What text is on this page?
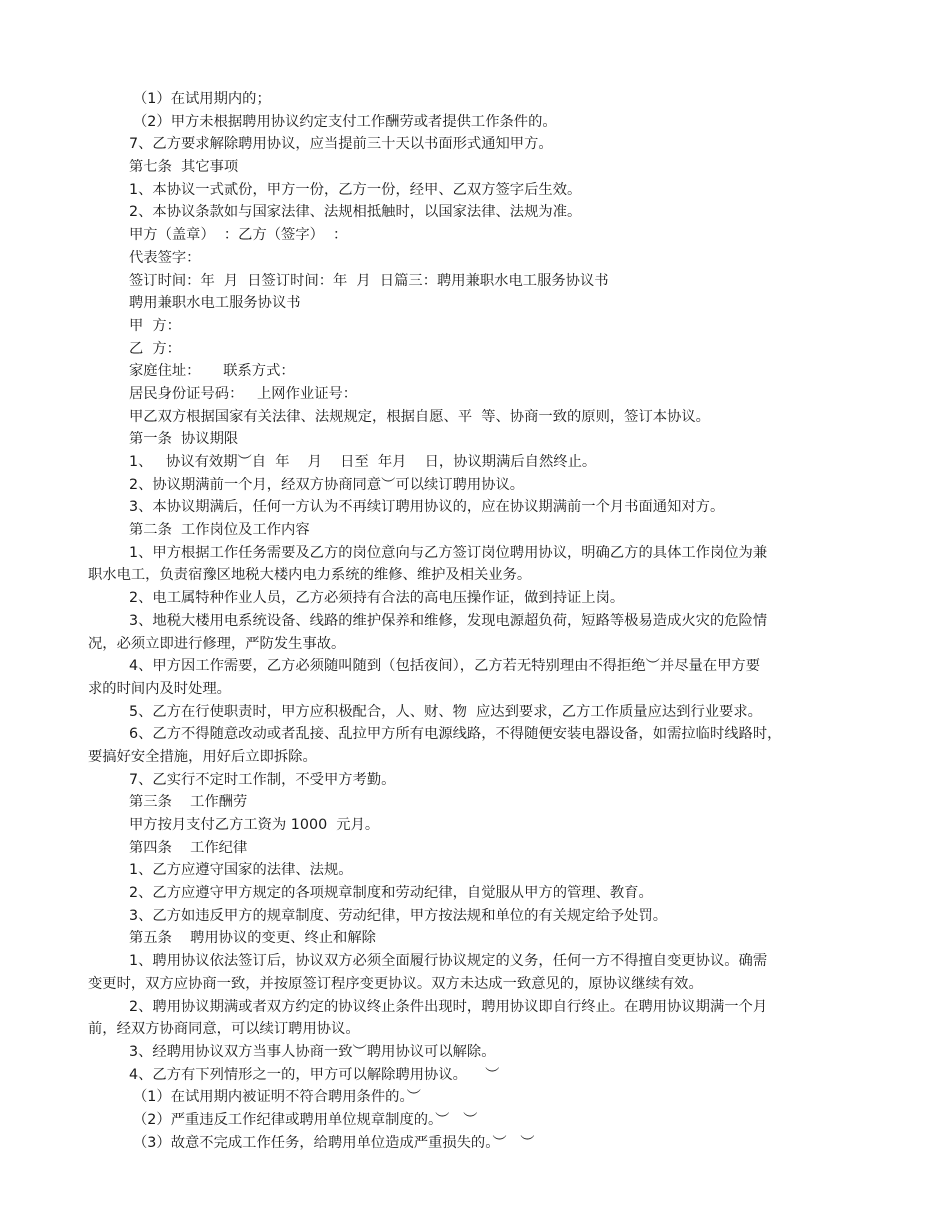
（1）在试用期内的；
（2）甲方未根据聘用协议约定支付工作酬劳或者提供工作条件的。
7、乙方要求解除聘用协议，应当提前三十天以书面形式通知甲方。
第七条  其它事项
1、本协议一式贰份，甲方一份，乙方一份，经甲、乙双方签字后生效。
2、本协议条款如与国家法律、法规相抵触时，以国家法律、法规为准。
甲方（盖章）  ：乙方（签字）  ：
代表签字：
签订时间：年  月  日签订时间：年  月  日篇三：聘用兼职水电工服务协议书
聘用兼职水电工服务协议书
甲  方：
乙  方：
家庭住址：     联系方式：
居民身份证号码：   上网作业证号：
甲乙双方根据国家有关法律、法规规定，根据自愿、平  等、协商一致的原则，签订本协议。
第一条  协议期限
1、   协议有效期︶自  年    月    日至  年月    日，协议期满后自然终止。
2、协议期满前一个月，经双方协商同意︶可以续订聘用协议。
3、本协议期满后，任何一方认为不再续订聘用协议的，应在协议期满前一个月书面通知对方。
第二条  工作岗位及工作内容
1、甲方根据工作任务需要及乙方的岗位意向与乙方签订岗位聘用协议，明确乙方的具体工作岗位为兼
职水电工，负责宿豫区地税大楼内电力系统的维修、维护及相关业务。
2、电工属特种作业人员，乙方必须持有合法的高电压操作证，做到持证上岗。
3、地税大楼用电系统设备、线路的维护保养和维修，发现电源超负荷，短路等极易造成火灾的危险情
况，必须立即进行修理，严防发生事故。
4、甲方因工作需要，乙方必须随叫随到（包括夜间），乙方若无特别理由不得拒绝︶并尽量在甲方要
求的时间内及时处理。
5、乙方在行使职责时，甲方应积极配合，人、财、物  应达到要求，乙方工作质量应达到行业要求。
6、乙方不得随意改动或者乱接、乱拉甲方所有电源线路，不得随便安装电器设备，如需拉临时线路时，
要搞好安全措施，用好后立即拆除。
7、乙实行不定时工作制，不受甲方考勤。
第三条    工作酬劳
甲方按月支付乙方工资为 1000  元月。
第四条    工作纪律
1、乙方应遵守国家的法律、法规。
2、乙方应遵守甲方规定的各项规章制度和劳动纪律，自觉服从甲方的管理、教育。
3、乙方如违反甲方的规章制度、劳动纪律，甲方按法规和单位的有关规定给予处罚。
第五条    聘用协议的变更、终止和解除
1、聘用协议依法签订后，协议双方必须全面履行协议规定的义务，任何一方不得擅自变更协议。确需
变更时，双方应协商一致，并按原签订程序变更协议。双方未达成一致意见的，原协议继续有效。
2、聘用协议期满或者双方约定的协议终止条件出现时，聘用协议即自行终止。在聘用协议期满一个月
前，经双方协商同意，可以续订聘用协议。
3、经聘用协议双方当事人协商一致︶聘用协议可以解除。
4、乙方有下列情形之一的，甲方可以解除聘用协议。    ︶
（1）在试用期内被证明不符合聘用条件的。︶
（2）严重违反工作纪律或聘用单位规章制度的。︶   ︶
（3）故意不完成工作任务，给聘用单位造成严重损失的。︶   ︶
